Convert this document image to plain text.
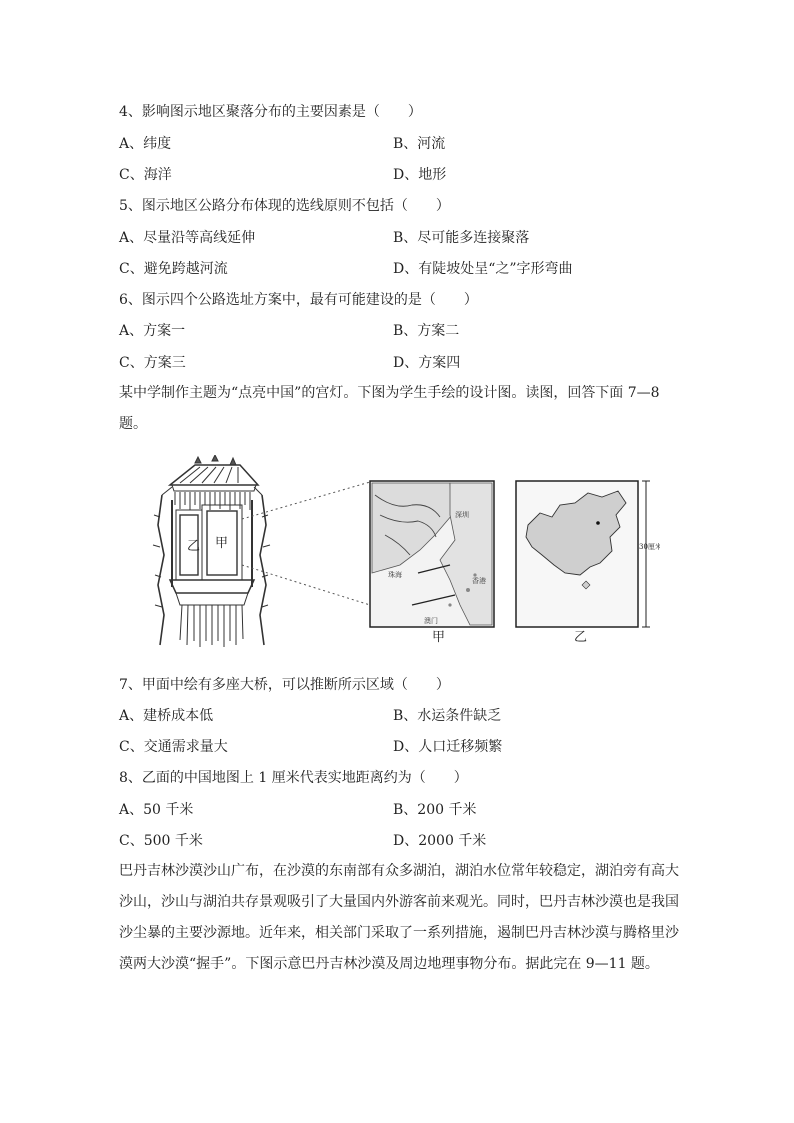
4、影响图示地区聚落分布的主要因素是（　　）
A、纬度	B、河流
C、海洋	D、地形
5、图示地区公路分布体现的选线原则不包括（　　）
A、尽量沿等高线延伸	B、尽可能多连接聚落
C、避免跨越河流	D、有陡坡处呈“之”字形弯曲
6、图示四个公路选址方案中，最有可能建设的是（　　）
A、方案一	B、方案二
C、方案三	D、方案四
某中学制作主题为“点亮中国”的宫灯。下图为学生手绘的设计图。读图，回答下面 7—8 题。
乙 甲
深圳
珠海
香港
澳门
30厘米
甲	乙
7、甲面中绘有多座大桥，可以推断所示区域（　　）
A、建桥成本低	B、水运条件缺乏
C、交通需求量大	D、人口迁移频繁
8、乙面的中国地图上 1 厘米代表实地距离约为（　　）
A、50 千米	B、200 千米
C、500 千米	D、2000 千米
巴丹吉林沙漠沙山广布，在沙漠的东南部有众多湖泊，湖泊水位常年较稳定，湖泊旁有高大沙山，沙山与湖泊共存景观吸引了大量国内外游客前来观光。同时，巴丹吉林沙漠也是我国沙尘暴的主要沙源地。近年来，相关部门采取了一系列措施，遏制巴丹吉林沙漠与腾格里沙漠两大沙漠“握手”。下图示意巴丹吉林沙漠及周边地理事物分布。据此完在 9—11 题。
